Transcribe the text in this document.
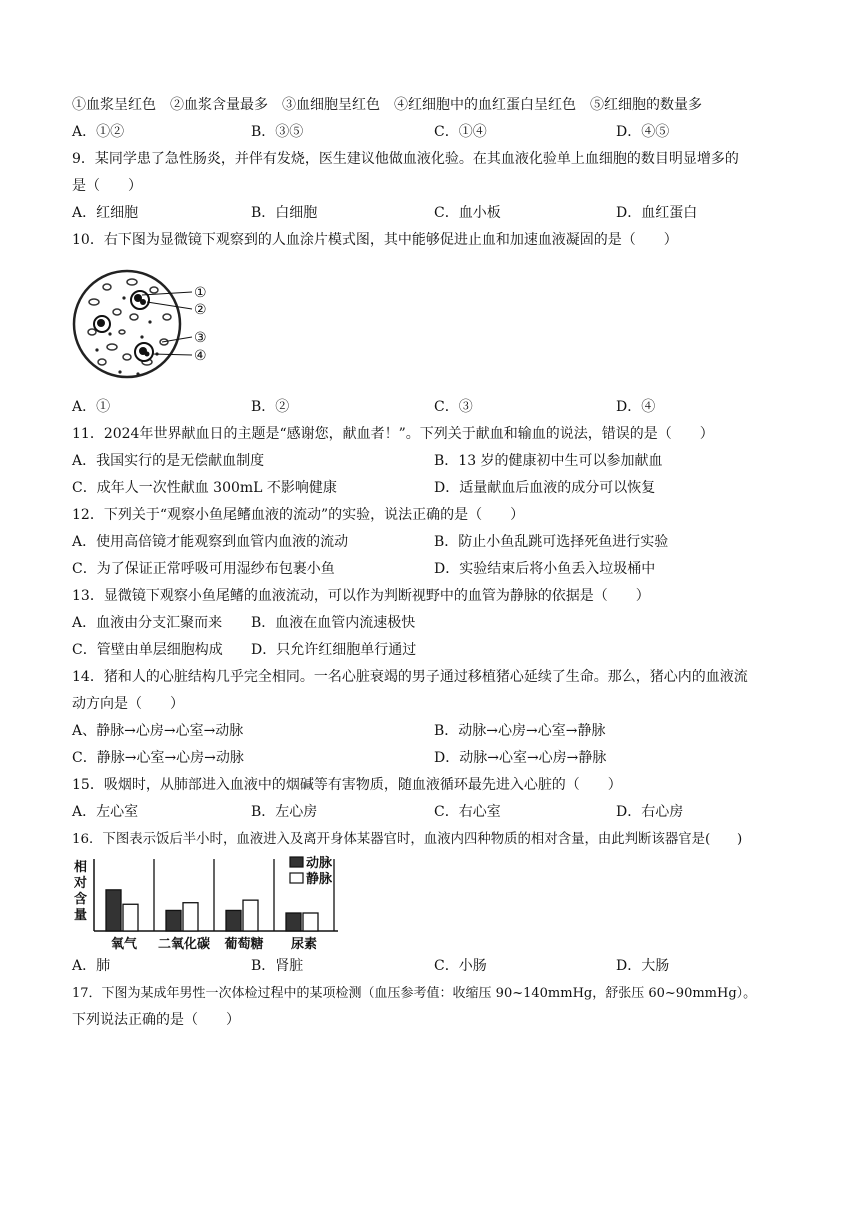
①血浆呈红色　②血浆含量最多　③血细胞呈红色　④红细胞中的血红蛋白呈红色　⑤红细胞的数量多
A．①②	B．③⑤	C．①④	D．④⑤
9．某同学患了急性肠炎，并伴有发烧，医生建议他做血液化验。在其血液化验单上血细胞的数目明显增多的
是（　　）
A．红细胞	B．白细胞	C．血小板	D．血红蛋白
10．右下图为显微镜下观察到的人血涂片模式图，其中能够促进止血和加速血液凝固的是（　　）
①
②
③
④
A．①	B．②	C．③	D．④
11．2024年世界献血日的主题是“感谢您，献血者！”。下列关于献血和输血的说法，错误的是（　　）
A．我国实行的是无偿献血制度	B．13 岁的健康初中生可以参加献血
C．成年人一次性献血 300mL 不影响健康	D．适量献血后血液的成分可以恢复
12．下列关于“观察小鱼尾鳍血液的流动”的实验，说法正确的是（　　）
A．使用高倍镜才能观察到血管内血液的流动	B．防止小鱼乱跳可选择死鱼进行实验
C．为了保证正常呼吸可用湿纱布包裹小鱼	D．实验结束后将小鱼丢入垃圾桶中
13．显微镜下观察小鱼尾鳍的血液流动，可以作为判断视野中的血管为静脉的依据是（　　）
A．血液由分支汇聚而来 B．血液在血管内流速极快
C．管壁由单层细胞构成 D．只允许红细胞单行通过
14．猪和人的心脏结构几乎完全相同。一名心脏衰竭的男子通过移植猪心延续了生命。那么，猪心内的血液流
动方向是（　　）
A、静脉→心房→心室→动脉	B．动脉→心房→心室→静脉
C．静脉→心室→心房→动脉	D．动脉→心室→心房→静脉
15．吸烟时，从肺部进入血液中的烟碱等有害物质，随血液循环最先进入心脏的（　　）
A．左心室	B．左心房	C．右心室	D．右心房
16．下图表示饭后半小时，血液进入及离开身体某器官时，血液内四种物质的相对含量，由此判断该器官是(　　)
相
对
含
量
氧气 二氧化碳 葡萄糖 尿素
动脉
静脉
A．肺	B．肾脏	C．小肠	D．大肠
17．下图为某成年男性一次体检过程中的某项检测（血压参考值：收缩压 90~140mmHg，舒张压 60~90mmHg）。
下列说法正确的是（　　）
